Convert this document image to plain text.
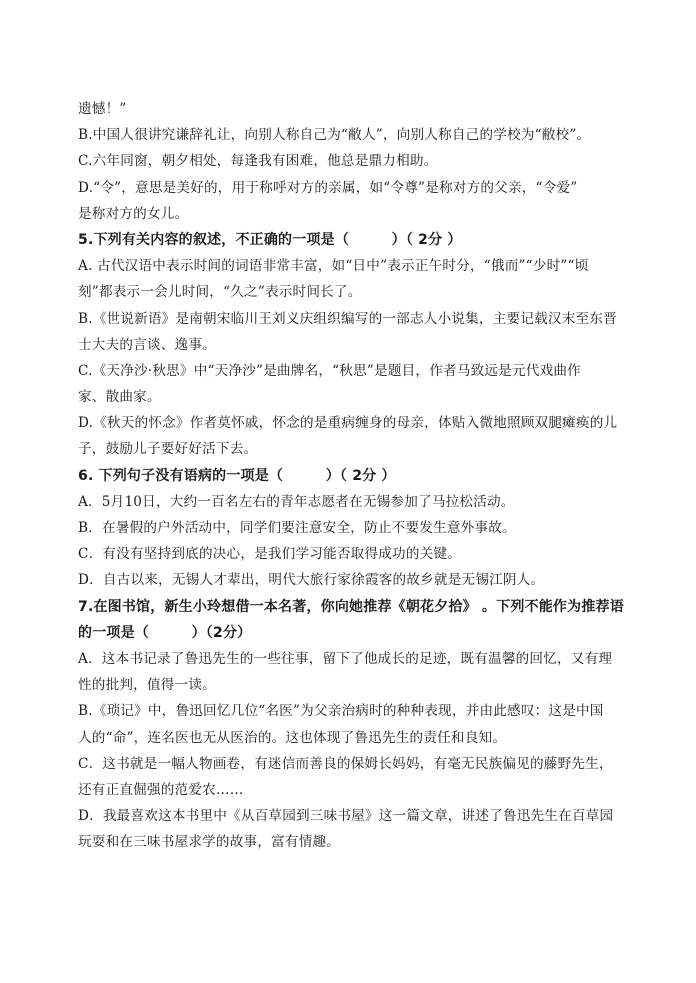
遗憾！”
B.中国人很讲究谦辞礼让，向别人称自己为“敝人”，向别人称自己的学校为“敝校”。
C.六年同窗，朝夕相处，每逢我有困难，他总是鼎力相助。
D.“令”，意思是美好的，用于称呼对方的亲属，如“令尊”是称对方的父亲，“令爱”
是称对方的女儿。
5.下列有关内容的叙述，不正确的一项是（　　　）（ 2分 ）
A. 古代汉语中表示时间的词语非常丰富，如“日中”表示正午时分，“俄而”“少时”“顷
刻”都表示一会儿时间，“久之”表示时间长了。
B.《世说新语》是南朝宋临川王刘义庆组织编写的一部志人小说集，主要记载汉末至东晋
士大夫的言谈、逸事。
C.《天净沙·秋思》中“天净沙”是曲牌名，“秋思”是题目，作者马致远是元代戏曲作
家、散曲家。
D.《秋天的怀念》作者莫怀戚，怀念的是重病缠身的母亲，体贴入微地照顾双腿瘫痪的儿
子，鼓励儿子要好好活下去。
6. 下列句子没有语病的一项是（　　　）（ 2分 ）
A．5月10日，大约一百名左右的青年志愿者在无锡参加了马拉松活动。
B．在暑假的户外活动中，同学们要注意安全，防止不要发生意外事故。
C．有没有坚持到底的决心，是我们学习能否取得成功的关键。
D．自古以来，无锡人才辈出，明代大旅行家徐霞客的故乡就是无锡江阴人。
7.在图书馆，新生小玲想借一本名著，你向她推荐《朝花夕拾》 。下列不能作为推荐语
的一项是（　　　）（2分）
A．这本书记录了鲁迅先生的一些往事，留下了他成长的足迹，既有温馨的回忆，又有理
性的批判，值得一读。
B.《琐记》中，鲁迅回忆几位“名医”为父亲治病时的种种表现，并由此感叹：这是中国
人的“命”，连名医也无从医治的。这也体现了鲁迅先生的责任和良知。
C．这书就是一幅人物画卷，有迷信而善良的保姆长妈妈，有毫无民族偏见的藤野先生，
还有正直倔强的范爱农……
D．我最喜欢这本书里中《从百草园到三味书屋》这一篇文章，讲述了鲁迅先生在百草园
玩耍和在三味书屋求学的故事，富有情趣。
